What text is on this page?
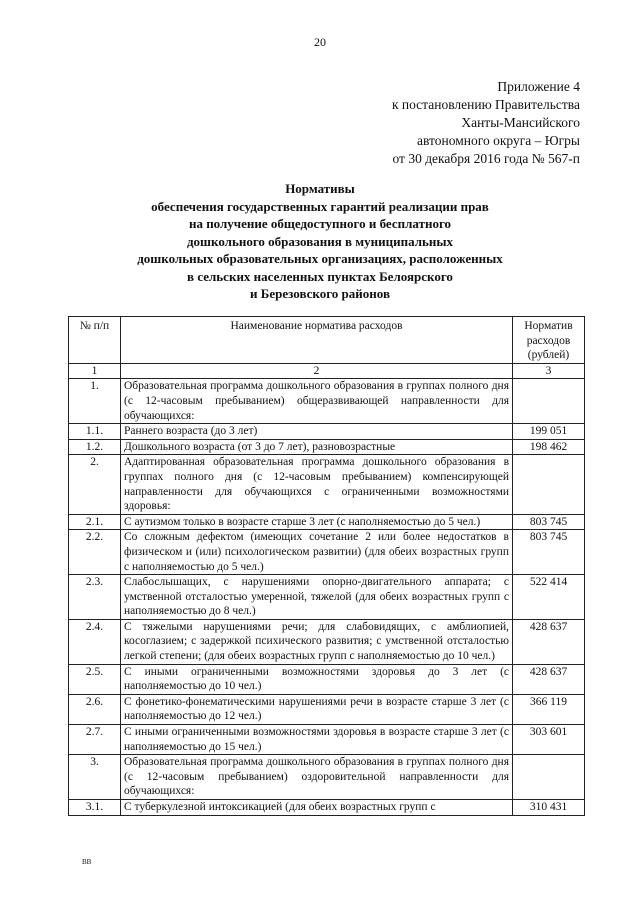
20
Приложение 4
к постановлению Правительства
Ханты-Мансийского
автономного округа – Югры
от 30 декабря 2016 года № 567-п
Нормативы
обеспечения государственных гарантий реализации прав
на получение общедоступного и бесплатного
дошкольного образования в муниципальных
дошкольных образовательных организациях, расположенных
в сельских населенных пунктах Белоярского
и Березовского районов
№ п/п	Наименование норматива расходов	Норматив расходов (рублей)
1	2	3
1.	Образовательная программа дошкольного образования в группах полного дня (с 12-часовым пребыванием) общеразвивающей направленности для обучающихся:	
1.1.	Раннего возраста (до 3 лет)	199 051
1.2.	Дошкольного возраста (от 3 до 7 лет), разновозрастные	198 462
2.	Адаптированная образовательная программа дошкольного образования в группах полного дня (с 12-часовым пребыванием) компенсирующей направленности для обучающихся с ограниченными возможностями здоровья:	
2.1.	С аутизмом только в возрасте старше 3 лет (с наполняемостью до 5 чел.)	803 745
2.2.	Со сложным дефектом (имеющих сочетание 2 или более недостатков в физическом и (или) психологическом развитии) (для обеих возрастных групп с наполняемостью до 5 чел.)	803 745
2.3.	Слабослышащих, с нарушениями опорно-двигательного аппарата; с умственной отсталостью умеренной, тяжелой (для обеих возрастных групп с наполняемостью до 8 чел.)	522 414
2.4.	С тяжелыми нарушениями речи; для слабовидящих, с амблиопией, косоглазием; с задержкой психического развития; с умственной отсталостью легкой степени; (для обеих возрастных групп с наполняемостью до 10 чел.)	428 637
2.5.	С иными ограниченными возможностями здоровья до 3 лет (с наполняемостью до 10 чел.)	428 637
2.6.	С фонетико-фонематическими нарушениями речи в возрасте старше 3 лет (с наполняемостью до 12 чел.)	366 119
2.7.	С иными ограниченными возможностями здоровья в возрасте старше 3 лет (с наполняемостью до 15 чел.)	303 601
3.	Образовательная программа дошкольного образования в группах полного дня (с 12-часовым пребыванием) оздоровительной направленности для обучающихся:	
3.1.	С туберкулезной интоксикацией (для обеих возрастных групп с	310 431
ВВ
